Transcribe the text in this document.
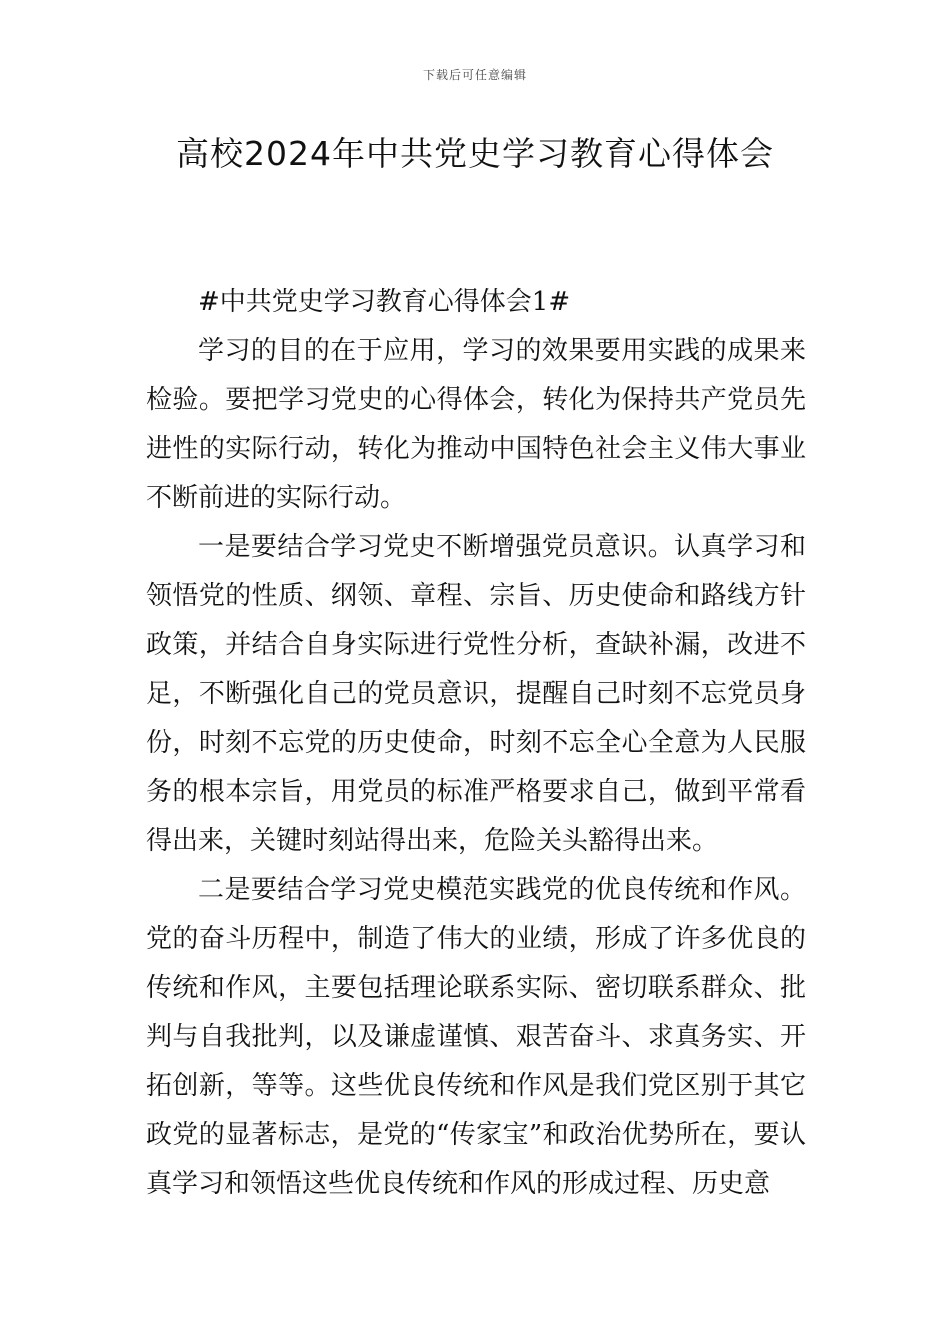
下载后可任意编辑
高校2024年中共党史学习教育心得体会

#中共党史学习教育心得体会1#

学习的目的在于应用，学习的效果要用实践的成果来检验。要把学习党史的心得体会，转化为保持共产党员先进性的实际行动，转化为推动中国特色社会主义伟大事业不断前进的实际行动。

一是要结合学习党史不断增强党员意识。认真学习和领悟党的性质、纲领、章程、宗旨、历史使命和路线方针政策，并结合自身实际进行党性分析，查缺补漏，改进不足，不断强化自己的党员意识，提醒自己时刻不忘党员身份，时刻不忘党的历史使命，时刻不忘全心全意为人民服务的根本宗旨，用党员的标准严格要求自己，做到平常看得出来，关键时刻站得出来，危险关头豁得出来。

二是要结合学习党史模范实践党的优良传统和作风。党的奋斗历程中，制造了伟大的业绩，形成了许多优良的传统和作风，主要包括理论联系实际、密切联系群众、批判与自我批判，以及谦虚谨慎、艰苦奋斗、求真务实、开拓创新，等等。这些优良传统和作风是我们党区别于其它政党的显著标志，是党的“传家宝”和政治优势所在，要认真学习和领悟这些优良传统和作风的形成过程、历史意
